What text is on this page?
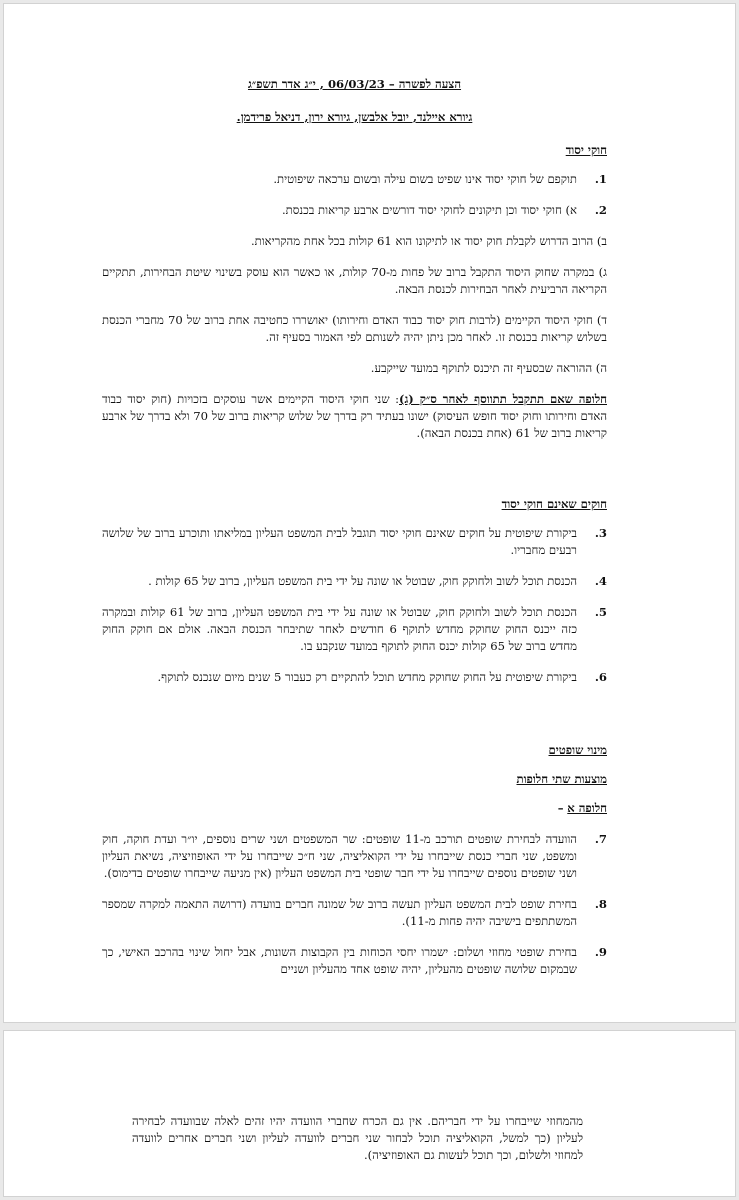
הצעה לפשרה – 06/03/23 , י״ג אדר תשפ״ג

גיורא איילנד, יובל אלבשן, גיורא ירון, דניאל פרידמן.

חוקי יסוד

1.
תוקפם של חוקי יסוד אינו שפיט בשום עילה ובשום ערכאה שיפוטית.
2.
א) חוקי יסוד וכן תיקונים לחוקי יסוד דורשים ארבע קריאות בכנסת.

ב) הרוב הדרוש לקבלת חוק יסוד או לתיקונו הוא 61 קולות בכל אחת מהקריאות.

ג) במקרה שחוק היסוד התקבל ברוב של פחות מ-70 קולות, או כאשר הוא עוסק בשינוי שיטת הבחירות, תתקיים הקריאה הרביעית לאחר הבחירות לכנסת הבאה.

ד) חוקי היסוד הקיימים (לרבות חוק יסוד כבוד האדם וחירותו) יאושררו כחטיבה אחת ברוב של 70 מחברי הכנסת בשלוש קריאות בכנסת זו. לאחר מכן ניתן יהיה לשנותם לפי האמור בסעיף זה.

ה) ההוראה שבסעיף זה תיכנס לתוקף במועד שייקבע.

חלופה שאם תתקבל תתווסף לאחר ס״ק (ג): שני חוקי היסוד הקיימים אשר עוסקים בזכויות (חוק יסוד כבוד האדם וחירותו וחוק יסוד חופש העיסוק) ישונו בעתיד רק בדרך של שלוש קריאות ברוב של 70 ולא בדרך של ארבע קריאות ברוב של 61 (אחת בכנסת הבאה).

חוקים שאינם חוקי יסוד

3.
ביקורת שיפוטית על חוקים שאינם חוקי יסוד תוגבל לבית המשפט העליון במליאתו ותוכרע ברוב של שלושה רבעים מחבריו.
4.
הכנסת תוכל לשוב ולחוקק חוק, שבוטל או שונה על ידי בית המשפט העליון, ברוב של 65 קולות .
5.
הכנסת תוכל לשוב ולחוקק חוק, שבוטל או שונה על ידי בית המשפט העליון, ברוב של 61 קולות ובמקרה כזה ייכנס החוק שחוקק מחדש לתוקף 6 חודשים לאחר שתיבחר הכנסת הבאה. אולם אם חוקק החוק מחדש ברוב של 65 קולות יכנס החוק לתוקף במועד שנקבע בו.
6.
ביקורת שיפוטית על החוק שחוקק מחדש תוכל להתקיים רק כעבור 5 שנים מיום שנכנס לתוקף.

מינוי שופטים

מוצעות שתי חלופות

חלופה א –

7.
הוועדה לבחירת שופטים תורכב מ-11 שופטים: שר המשפטים ושני שרים נוספים, יו״ר ועדת חוקה, חוק ומשפט, שני חברי כנסת שייבחרו על ידי הקואליציה, שני ח״כ שייבחרו על ידי האופוזיציה, נשיאת העליון ושני שופטים נוספים שייבחרו על ידי חבר שופטי בית המשפט העליון (אין מניעה שייבחרו שופטים בדימוס).
8.
בחירת שופט לבית המשפט העליון תעשה ברוב של שמונה חברים בוועדה (דרושה התאמה למקרה שמספר המשתתפים בישיבה יהיה פחות מ-11).
9.
בחירת שופטי מחוזי ושלום: ישמרו יחסי הכוחות בין הקבוצות השונות, אבל יחול שינוי בהרכב האישי, כך שבמקום שלושה שופטים מהעליון, יהיה שופט אחד מהעליון ושניים

מהמחוזי שייבחרו על ידי חבריהם. אין גם הכרח שחברי הוועדה יהיו זהים לאלה שבוועדה לבחירה לעליון (כך למשל, הקואליציה תוכל לבחור שני חברים לוועדה לעליון ושני חברים אחרים לוועדה למחוזי ולשלום, וכך תוכל לעשות גם האופוזיציה).
